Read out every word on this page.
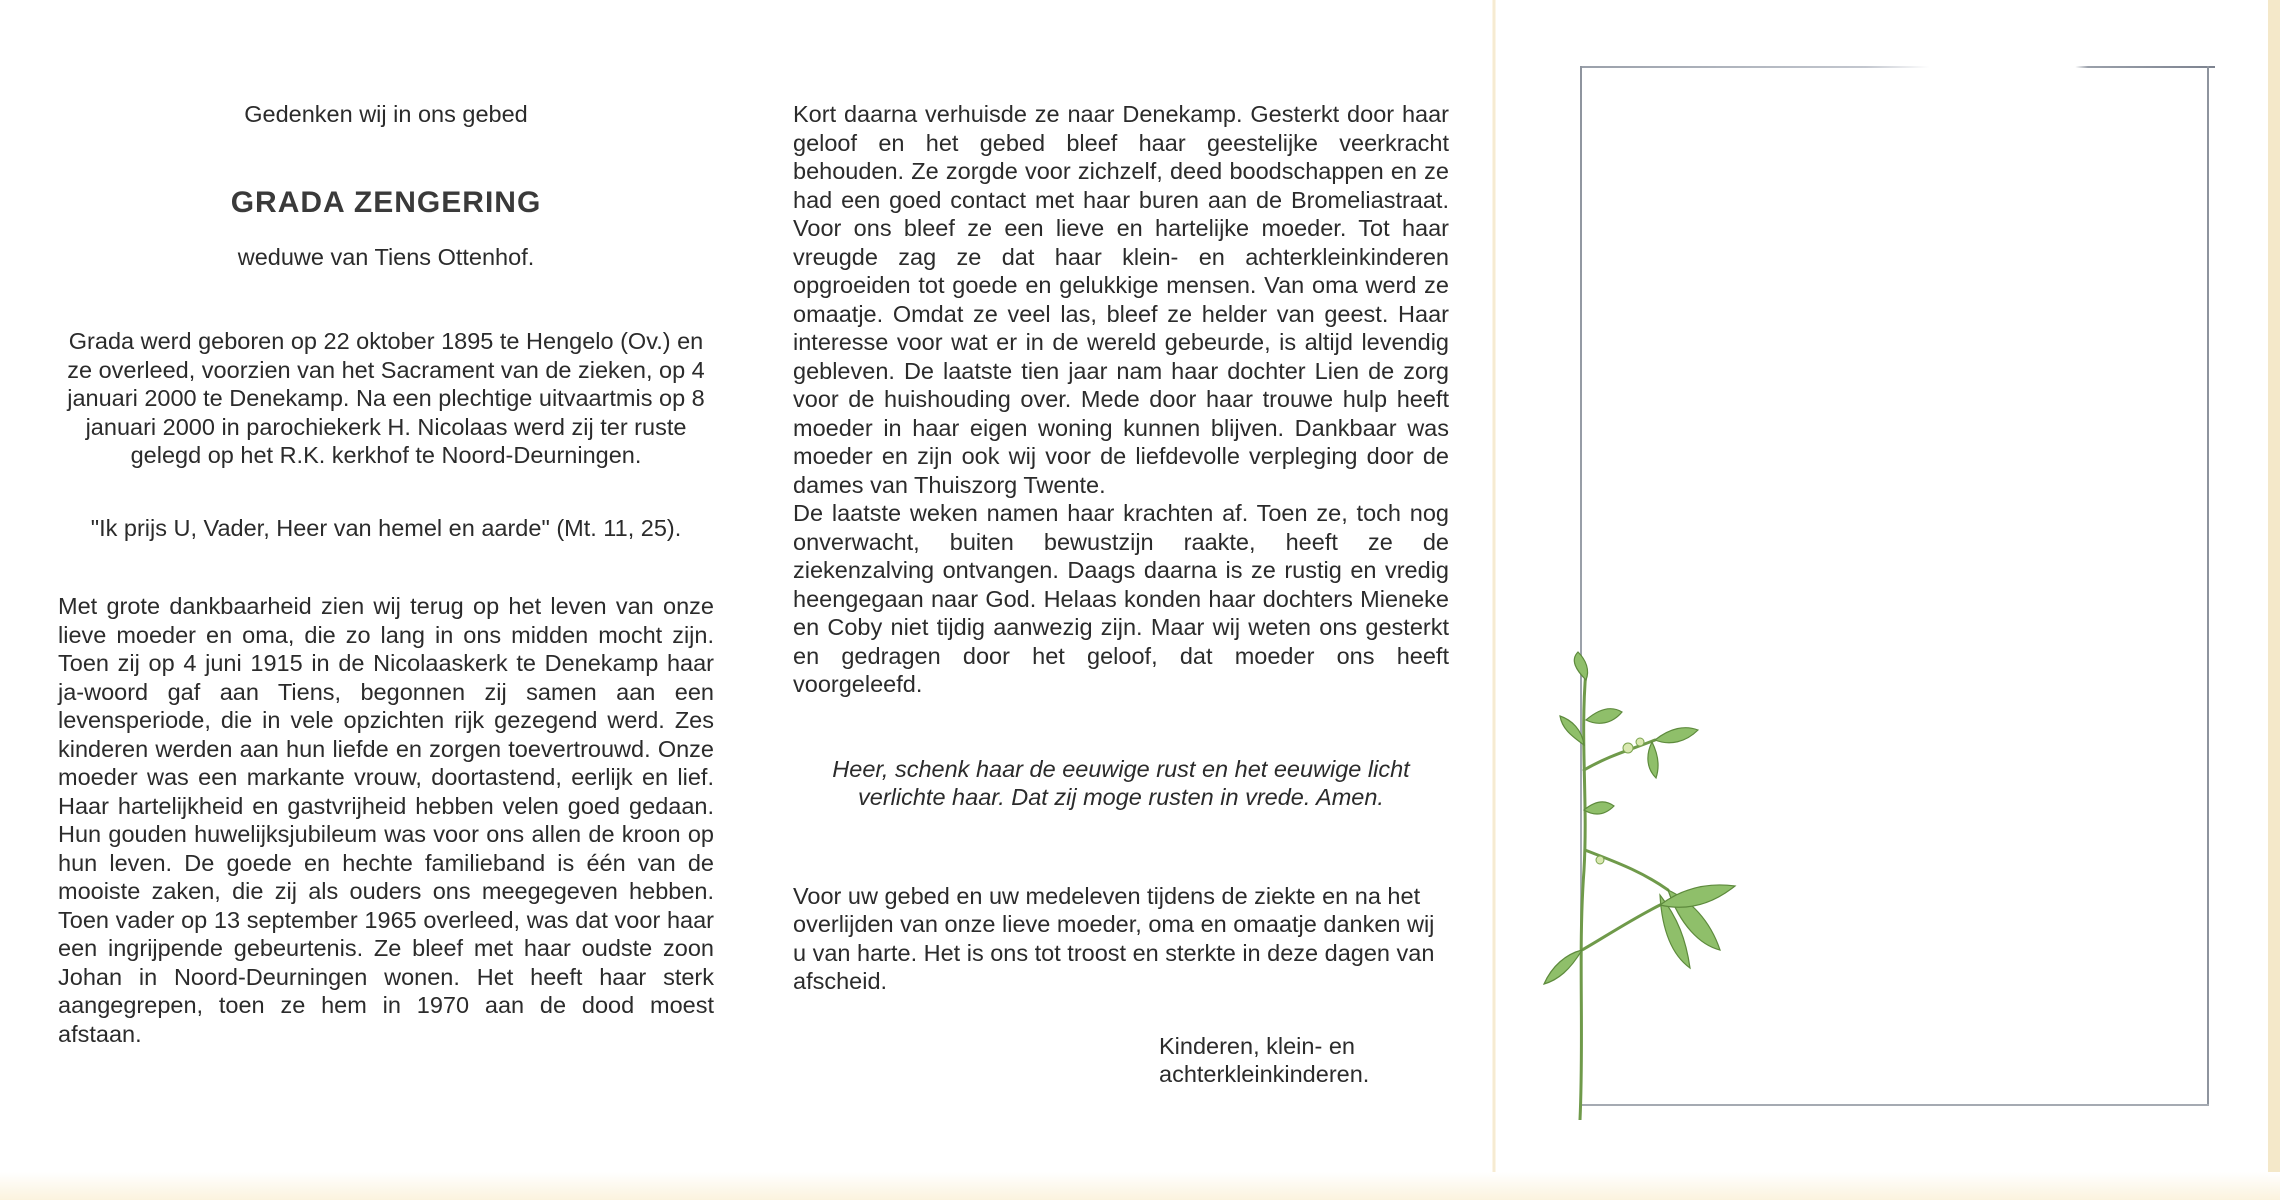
Gedenken wij in ons gebed

GRADA ZENGERING

weduwe van Tiens Ottenhof.

Grada werd geboren op 22 oktober 1895 te Hengelo (Ov.) en ze overleed, voorzien van het Sacrament van de zieken, op 4 januari 2000 te Denekamp. Na een plechtige uitvaartmis op 8 januari 2000 in parochiekerk H. Nicolaas werd zij ter ruste gelegd op het R.K. kerkhof te Noord-Deurningen.

"Ik prijs U, Vader, Heer van hemel en aarde" (Mt. 11, 25).

Met grote dankbaarheid zien wij terug op het leven van onze lieve moeder en oma, die zo lang in ons midden mocht zijn. Toen zij op 4 juni 1915 in de Nicolaaskerk te Denekamp haar ja-woord gaf aan Tiens, begonnen zij samen aan een levensperiode, die in vele opzichten rijk gezegend werd. Zes kinderen werden aan hun liefde en zorgen toevertrouwd. Onze moeder was een markante vrouw, doortastend, eerlijk en lief. Haar hartelijkheid en gastvrijheid hebben velen goed gedaan. Hun gouden huwelijksjubileum was voor ons allen de kroon op hun leven. De goede en hechte familieband is één van de mooiste zaken, die zij als ouders ons meegegeven hebben. Toen vader op 13 september 1965 overleed, was dat voor haar een ingrijpende gebeurtenis. Ze bleef met haar oudste zoon Johan in Noord-Deurningen wonen. Het heeft haar sterk aangegrepen, toen ze hem in 1970 aan de dood moest afstaan.

Kort daarna verhuisde ze naar Denekamp. Gesterkt door haar geloof en het gebed bleef haar geestelijke veerkracht behouden. Ze zorgde voor zichzelf, deed boodschappen en ze had een goed contact met haar buren aan de Bromeliastraat. Voor ons bleef ze een lieve en hartelijke moeder. Tot haar vreugde zag ze dat haar klein- en achterkleinkinderen opgroeiden tot goede en gelukkige mensen. Van oma werd ze omaatje. Omdat ze veel las, bleef ze helder van geest. Haar interesse voor wat er in de wereld gebeurde, is altijd levendig gebleven. De laatste tien jaar nam haar dochter Lien de zorg voor de huishouding over. Mede door haar trouwe hulp heeft moeder in haar eigen woning kunnen blijven. Dankbaar was moeder en zijn ook wij voor de liefdevolle verpleging door de dames van Thuiszorg Twente.

De laatste weken namen haar krachten af. Toen ze, toch nog onverwacht, buiten bewustzijn raakte, heeft ze de ziekenzalving ontvangen. Daags daarna is ze rustig en vredig heengegaan naar God. Helaas konden haar dochters Mieneke en Coby niet tijdig aanwezig zijn. Maar wij weten ons gesterkt en gedragen door het geloof, dat moeder ons heeft voorgeleefd.

Heer, schenk haar de eeuwige rust en het eeuwige licht verlichte haar. Dat zij moge rusten in vrede. Amen.

Voor uw gebed en uw medeleven tijdens de ziekte en na het overlijden van onze lieve moeder, oma en omaatje danken wij u van harte. Het is ons tot troost en sterkte in deze dagen van afscheid.

Kinderen, klein- en
achterkleinkinderen.
